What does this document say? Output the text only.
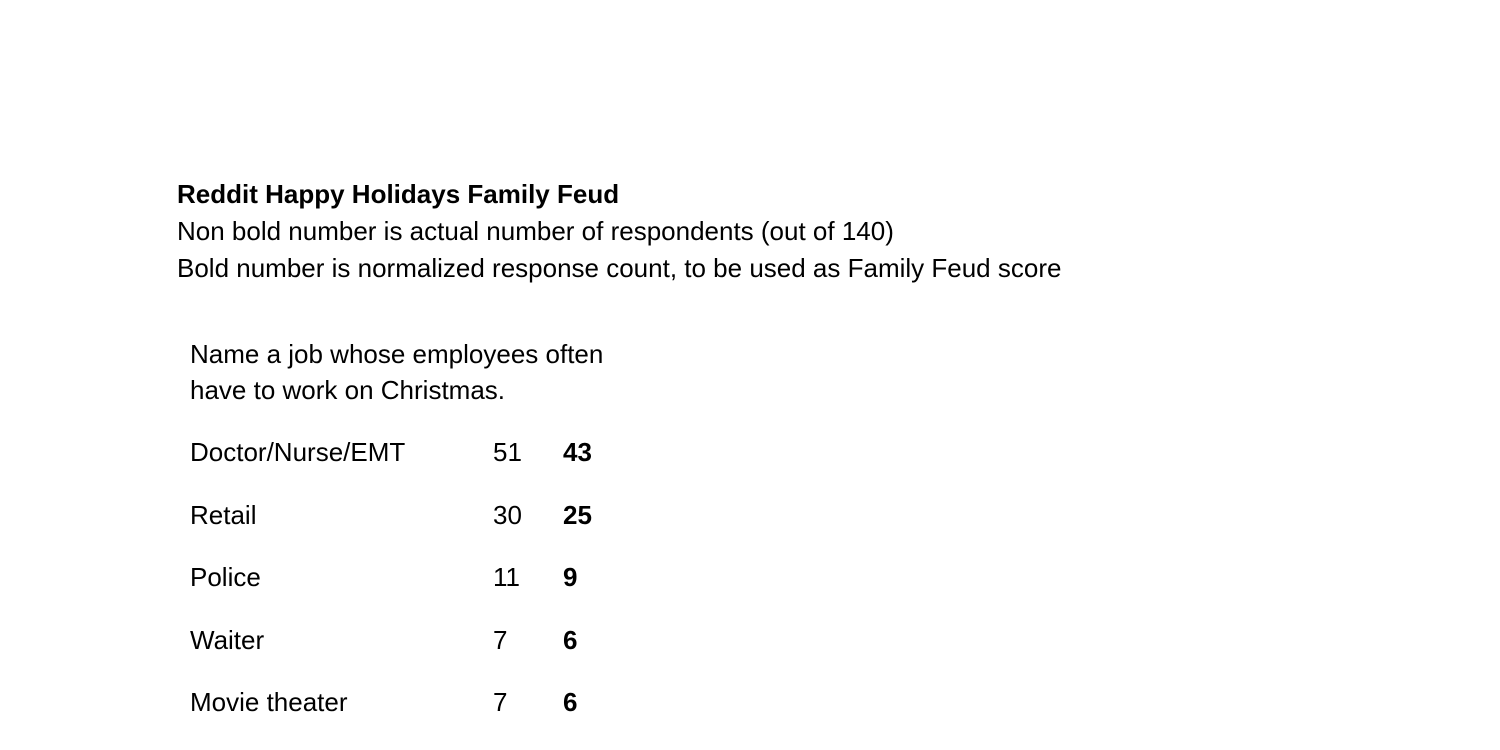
Reddit Happy Holidays Family Feud
Non bold number is actual number of respondents (out of 140)
Bold number is normalized response count, to be used as Family Feud score
Name a job whose employees often
have to work on Christmas.
Doctor/Nurse/EMT	51 43
Retail	30 25
Police	11 9
Waiter	7 6
Movie theater	7 6
